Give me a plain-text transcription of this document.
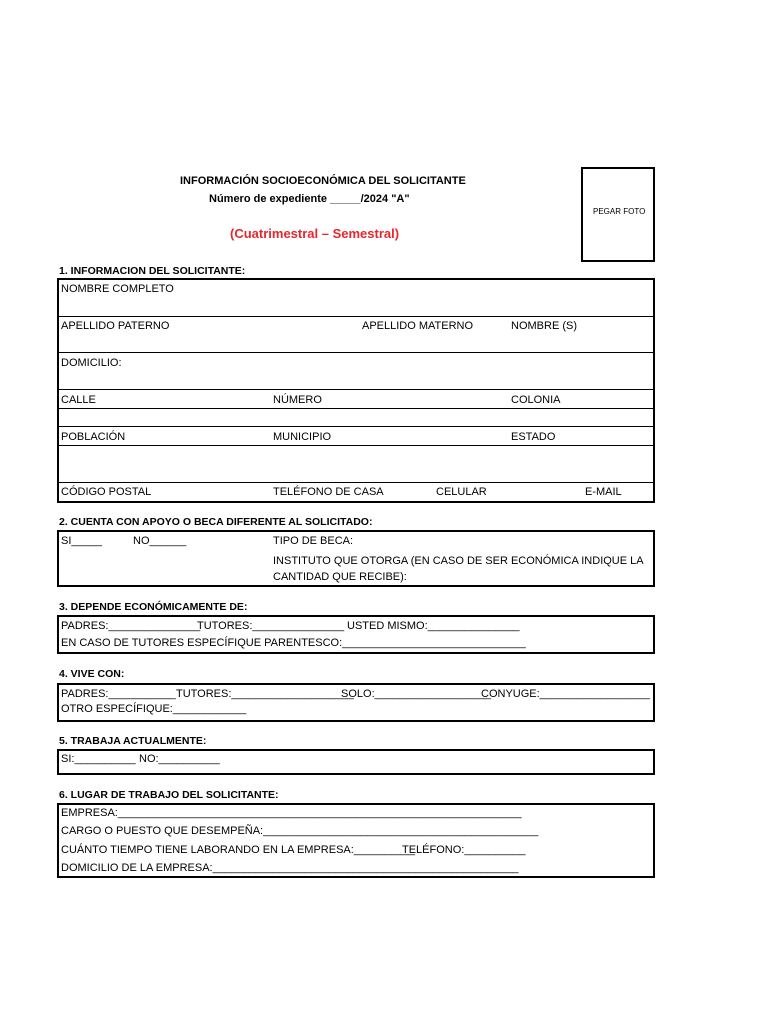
INFORMACIÓN SOCIOECONÓMICA DEL SOLICITANTE
Número de expediente _____/2024 "A"
(Cuatrimestral – Semestral)
PEGAR FOTO
1. INFORMACION DEL SOLICITANTE:
NOMBRE COMPLETO
APELLIDO PATERNO	APELLIDO MATERNO	NOMBRE (S)
DOMICILIO:
CALLE	NÚMERO	COLONIA
POBLACIÓN	MUNICIPIO	ESTADO
CÓDIGO POSTAL	TELÉFONO DE CASA	CELULAR	E-MAIL
2. CUENTA CON APOYO O BECA DIFERENTE AL SOLICITADO:
SI_____	NO______	TIPO DE BECA:
INSTITUTO QUE OTORGA (EN CASO DE SER ECONÓMICA INDIQUE LA
CANTIDAD QUE RECIBE):
3. DEPENDE ECONÓMICAMENTE DE:
PADRES:_______________
TUTORES:_______________ USTED MISMO:_______________
EN CASO DE TUTORES ESPECÍFIQUE PARENTESCO:______________________________
4. VIVE CON:
PADRES:___________ TUTORES:____________________
SOLO:___________________
CONYUGE:__________________
OTRO ESPECÍFIQUE:____________
5. TRABAJA ACTUALMENTE:
SI:__________ NO:__________
6. LUGAR DE TRABAJO DEL SOLICITANTE:
EMPRESA:__________________________________________________________________
CARGO O PUESTO QUE DESEMPEÑA:_____________________________________________
CUÁNTO TIEMPO TIENE LABORANDO EN LA EMPRESA:__________
TELÉFONO:__________
DOMICILIO DE LA EMPRESA:__________________________________________________
